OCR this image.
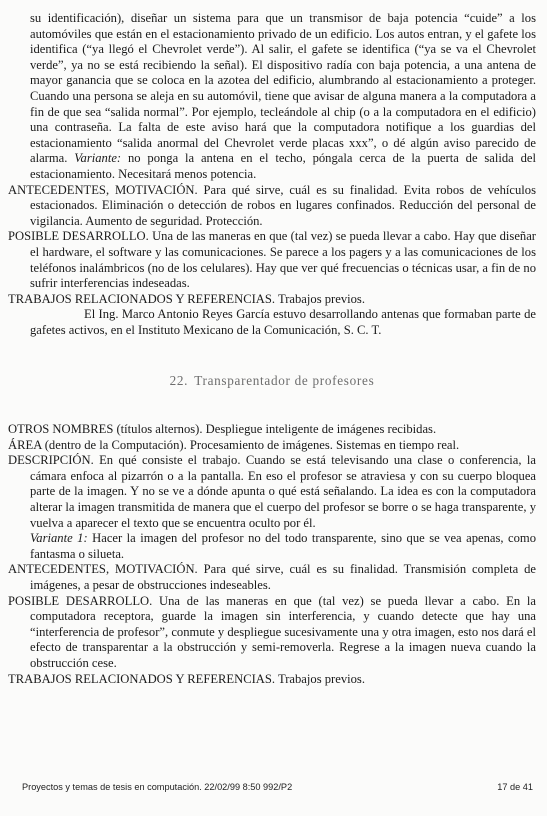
su identificación), diseñar un sistema para que un transmisor de baja potencia “cuide” a los automóviles que están en el estacionamiento privado de un edificio. Los autos entran, y el gafete los identifica (“ya llegó el Chevrolet verde”). Al salir, el gafete se identifica (“ya se va el Chevrolet verde”, ya no se está recibiendo la señal). El dispositivo radía con baja potencia, a una antena de mayor ganancia que se coloca en la azotea del edificio, alumbrando al estacionamiento a proteger. Cuando una persona se aleja en su automóvil, tiene que avisar de alguna manera a la computadora a fin de que sea “salida normal”. Por ejemplo, tecleándole al chip (o a la computadora en el edificio) una contraseña. La falta de este aviso hará que la computadora notifique a los guardias del estacionamiento “salida anormal del Chevrolet verde placas xxx”, o dé algún aviso parecido de alarma. Variante: no ponga la antena en el techo, póngala cerca de la puerta de salida del estacionamiento. Necesitará menos potencia.

ANTECEDENTES, MOTIVACIÓN. Para qué sirve, cuál es su finalidad. Evita robos de vehículos estacionados. Eliminación o detección de robos en lugares confinados. Reducción del personal de vigilancia. Aumento de seguridad. Protección.

POSIBLE DESARROLLO. Una de las maneras en que (tal vez) se pueda llevar a cabo. Hay que diseñar el hardware, el software y las comunicaciones. Se parece a los pagers y a las comunicaciones de los teléfonos inalámbricos (no de los celulares). Hay que ver qué frecuencias o técnicas usar, a fin de no sufrir interferencias indeseadas.

TRABAJOS RELACIONADOS Y REFERENCIAS. Trabajos previos.

El Ing. Marco Antonio Reyes García estuvo desarrollando antenas que formaban parte de gafetes activos, en el Instituto Mexicano de la Comunicación, S. C. T.

22. Transparentador de profesores

OTROS NOMBRES (títulos alternos). Despliegue inteligente de imágenes recibidas.

ÁREA (dentro de la Computación). Procesamiento de imágenes. Sistemas en tiempo real.

DESCRIPCIÓN. En qué consiste el trabajo. Cuando se está televisando una clase o conferencia, la cámara enfoca al pizarrón o a la pantalla. En eso el profesor se atraviesa y con su cuerpo bloquea parte de la imagen. Y no se ve a dónde apunta o qué está señalando. La idea es con la computadora alterar la imagen transmitida de manera que el cuerpo del profesor se borre o se haga transparente, y vuelva a aparecer el texto que se encuentra oculto por él.

Variante 1: Hacer la imagen del profesor no del todo transparente, sino que se vea apenas, como fantasma o silueta.

ANTECEDENTES, MOTIVACIÓN. Para qué sirve, cuál es su finalidad. Transmisión completa de imágenes, a pesar de obstrucciones indeseables.

POSIBLE DESARROLLO. Una de las maneras en que (tal vez) se pueda llevar a cabo. En la computadora receptora, guarde la imagen sin interferencia, y cuando detecte que hay una “interferencia de profesor”, conmute y despliegue sucesivamente una y otra imagen, esto nos dará el efecto de transparentar a la obstrucción y semi-removerla. Regrese a la imagen nueva cuando la obstrucción cese.

TRABAJOS RELACIONADOS Y REFERENCIAS. Trabajos previos.

Proyectos y temas de tesis en computación. 22/02/99 8:50 992/P2	17 de 41
